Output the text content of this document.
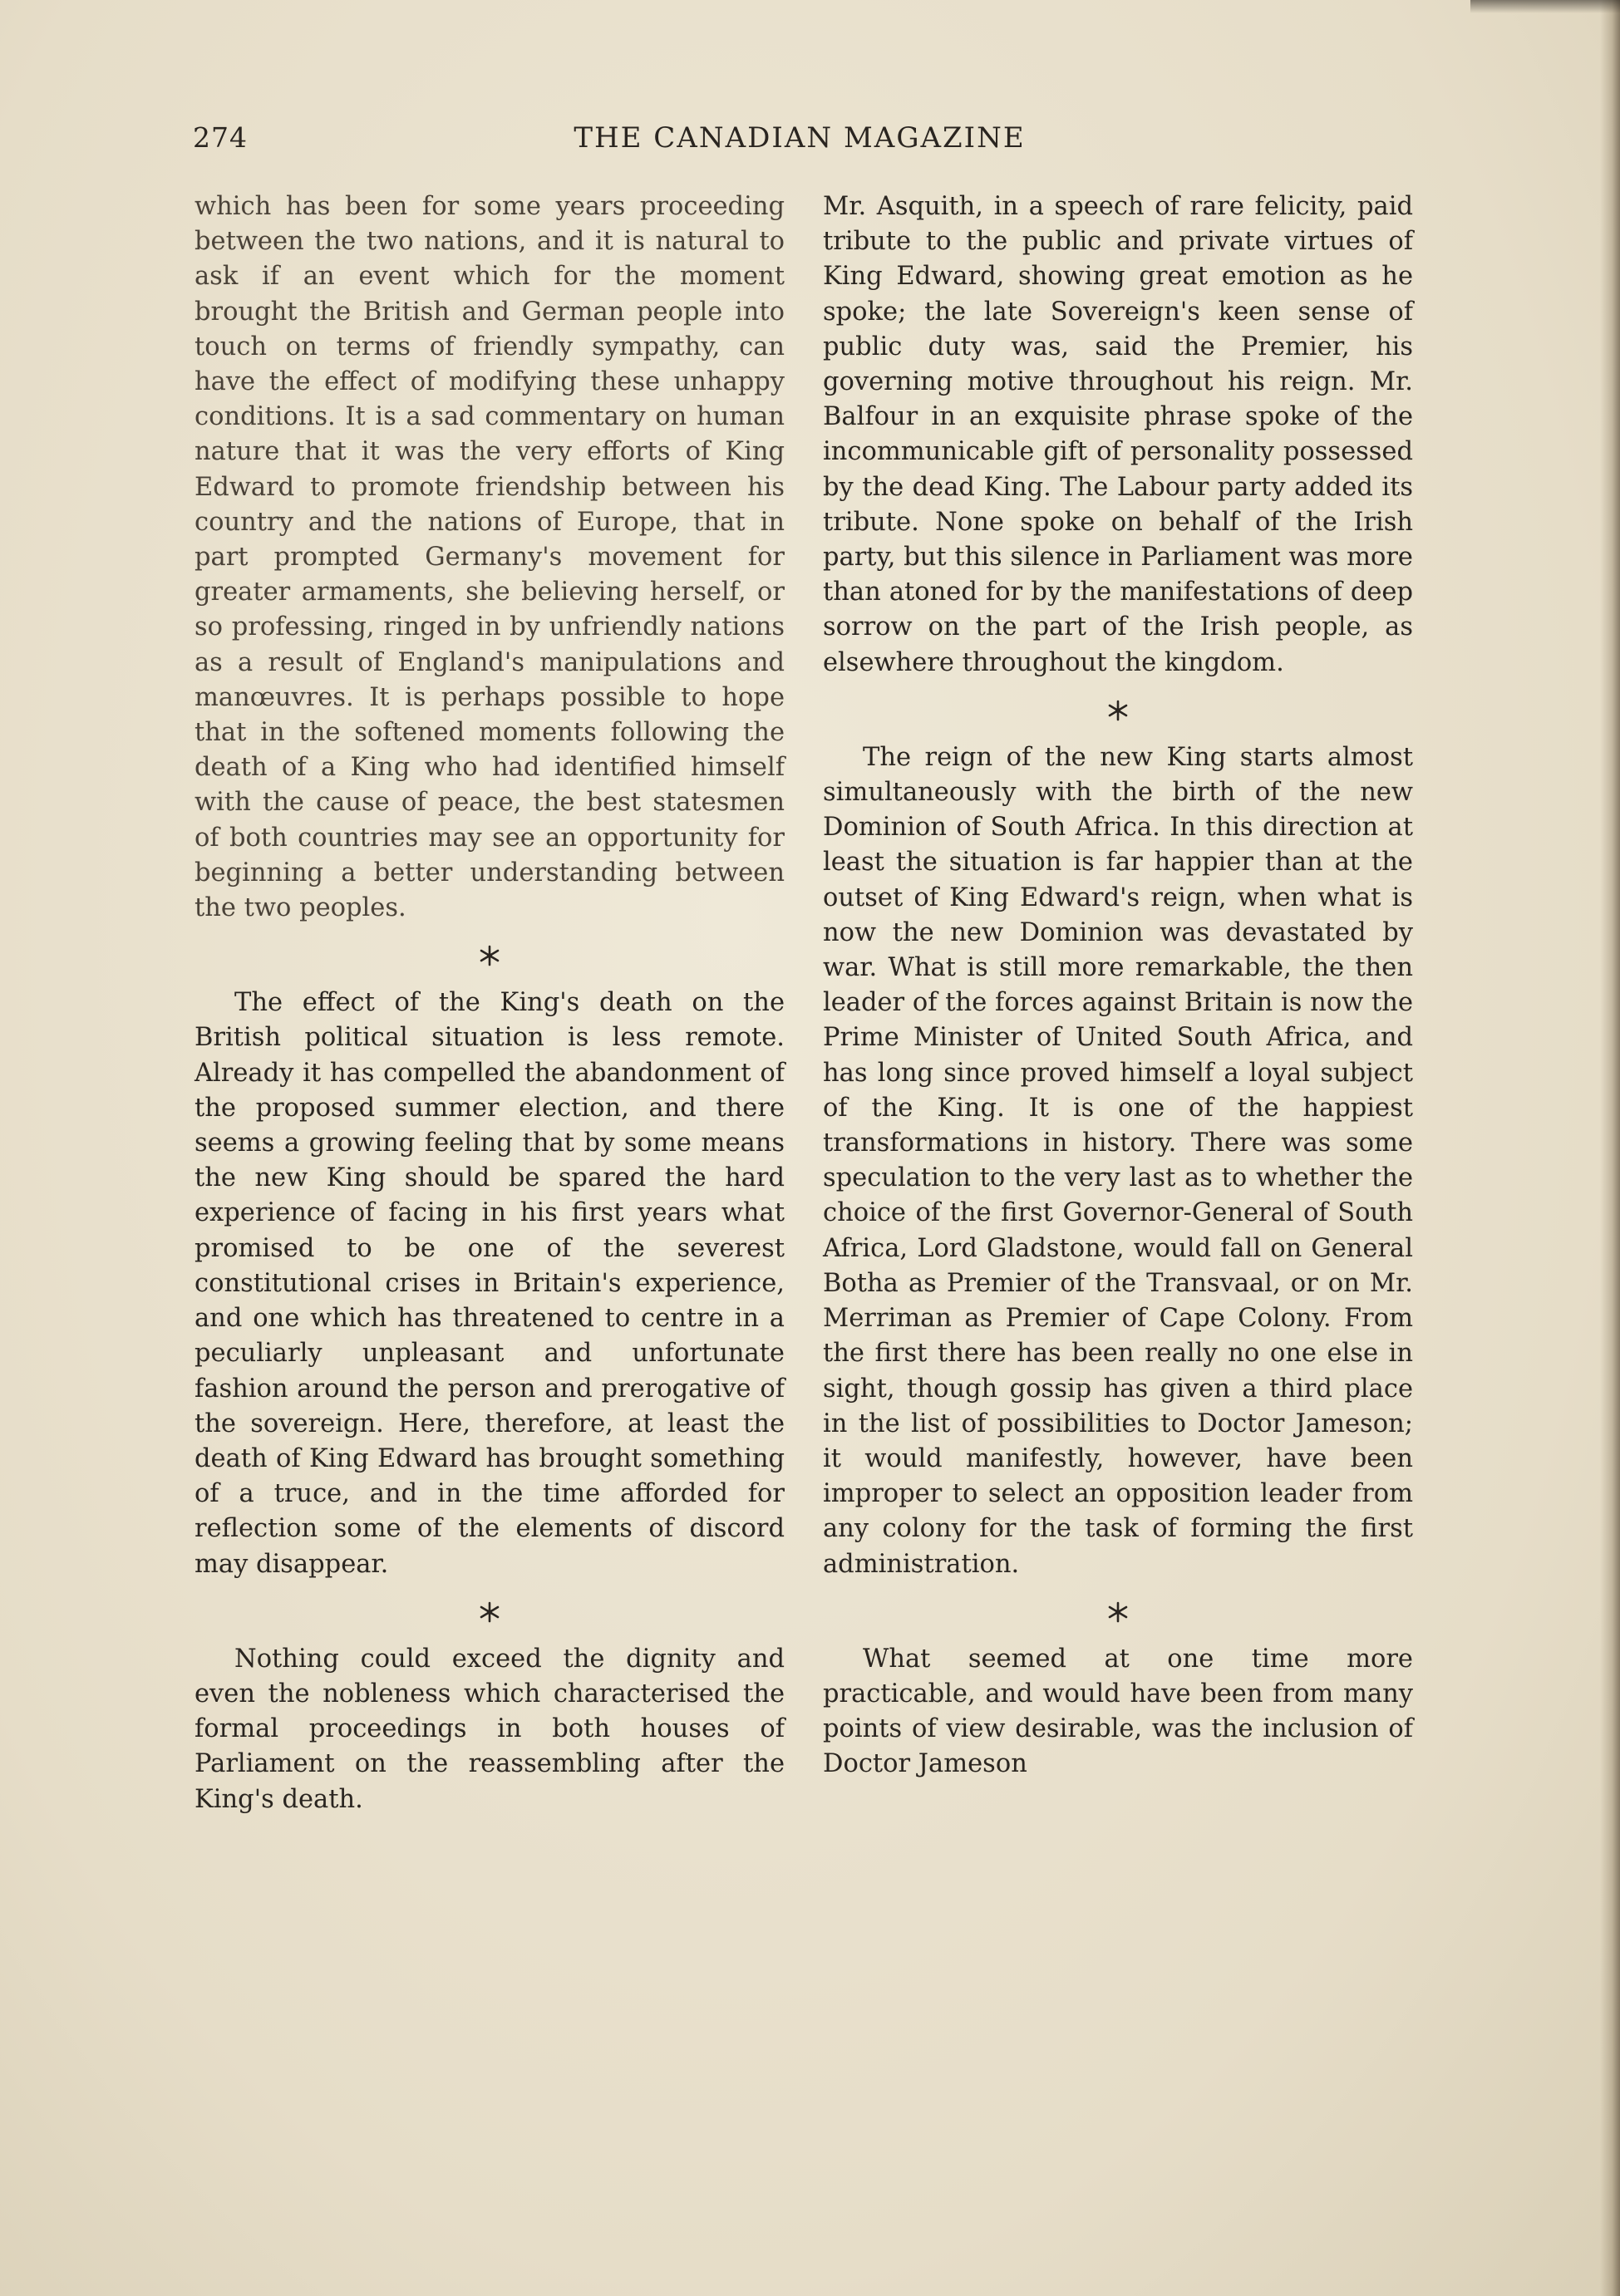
274	THE CANADIAN MAGAZINE

which has been for some years proceeding between the two nations, and it is natural to ask if an event which for the moment brought the British and German people into touch on terms of friendly sympathy, can have the effect of modifying these unhappy conditions. It is a sad commentary on human nature that it was the very efforts of King Edward to promote friendship between his country and the nations of Europe, that in part prompted Germany's movement for greater armaments, she believing herself, or so professing, ringed in by unfriendly nations as a result of England's manipulations and manœuvres. It is perhaps possible to hope that in the softened moments following the death of a King who had identified himself with the cause of peace, the best statesmen of both countries may see an opportunity for beginning a better understanding between the two peoples.

The effect of the King's death on the British political situation is less remote. Already it has compelled the abandonment of the proposed summer election, and there seems a growing feeling that by some means the new King should be spared the hard experience of facing in his first years what promised to be one of the severest constitutional crises in Britain's experience, and one which has threatened to centre in a peculiarly unpleasant and unfortunate fashion around the person and prerogative of the sovereign. Here, therefore, at least the death of King Edward has brought something of a truce, and in the time afforded for reflection some of the elements of discord may disappear.

Nothing could exceed the dignity and even the nobleness which characterised the formal proceedings in both houses of Parliament on the reassembling after the King's death.

Mr. Asquith, in a speech of rare felicity, paid tribute to the public and private virtues of King Edward, showing great emotion as he spoke; the late Sovereign's keen sense of public duty was, said the Premier, his governing motive throughout his reign. Mr. Balfour in an exquisite phrase spoke of the incommunicable gift of personality possessed by the dead King. The Labour party added its tribute. None spoke on behalf of the Irish party, but this silence in Parliament was more than atoned for by the manifestations of deep sorrow on the part of the Irish people, as elsewhere throughout the kingdom.

The reign of the new King starts almost simultaneously with the birth of the new Dominion of South Africa. In this direction at least the situation is far happier than at the outset of King Edward's reign, when what is now the new Dominion was devastated by war. What is still more remarkable, the then leader of the forces against Britain is now the Prime Minister of United South Africa, and has long since proved himself a loyal subject of the King. It is one of the happiest transformations in history. There was some speculation to the very last as to whether the choice of the first Governor-General of South Africa, Lord Gladstone, would fall on General Botha as Premier of the Transvaal, or on Mr. Merriman as Premier of Cape Colony. From the first there has been really no one else in sight, though gossip has given a third place in the list of possibilities to Doctor Jameson; it would manifestly, however, have been improper to select an opposition leader from any colony for the task of forming the first administration.

What seemed at one time more practicable, and would have been from many points of view desirable, was the inclusion of Doctor Jameson
